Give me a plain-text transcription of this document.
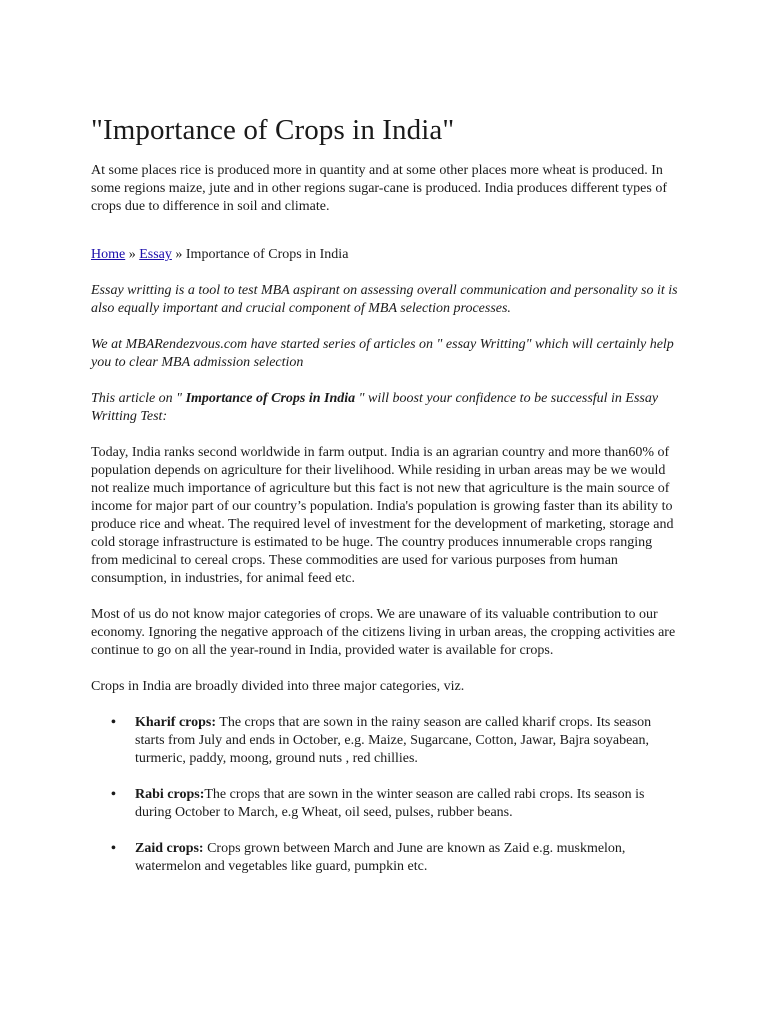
"Importance of Crops in India"

At some places rice is produced more in quantity and at some other places more wheat is produced. In some regions maize, jute and in other regions sugar-cane is produced. India produces different types of crops due to difference in soil and climate.

Home » Essay » Importance of Crops in India

Essay writting is a tool to test MBA aspirant on assessing overall communication and personality so it is also equally important and crucial component of MBA selection processes.

We at MBARendezvous.com have started series of articles on " essay Writting" which will certainly help you to clear MBA admission selection

This article on " Importance of Crops in India " will boost your confidence to be successful in Essay Writting Test:

Today, India ranks second worldwide in farm output. India is an agrarian country and more than60% of population depends on agriculture for their livelihood. While residing in urban areas may be we would not realize much importance of agriculture but this fact is not new that agriculture is the main source of income for major part of our country’s population. India's population is growing faster than its ability to produce rice and wheat. The required level of investment for the development of marketing, storage and cold storage infrastructure is estimated to be huge. The country produces innumerable crops ranging from medicinal to cereal crops. These commodities are used for various purposes from human consumption, in industries, for animal feed etc.

Most of us do not know major categories of crops. We are unaware of its valuable contribution to our economy. Ignoring the negative approach of the citizens living in urban areas, the cropping activities are continue to go on all the year-round in India, provided water is available for crops.

Crops in India are broadly divided into three major categories, viz.

• Kharif crops: The crops that are sown in the rainy season are called kharif crops. Its season starts from July and ends in October, e.g. Maize, Sugarcane, Cotton, Jawar, Bajra soyabean, turmeric, paddy, moong, ground nuts , red chillies.
• Rabi crops:The crops that are sown in the winter season are called rabi crops. Its season is during October to March, e.g Wheat, oil seed, pulses, rubber beans.
• Zaid crops: Crops grown between March and June are known as Zaid e.g. muskmelon, watermelon and vegetables like guard, pumpkin etc.
